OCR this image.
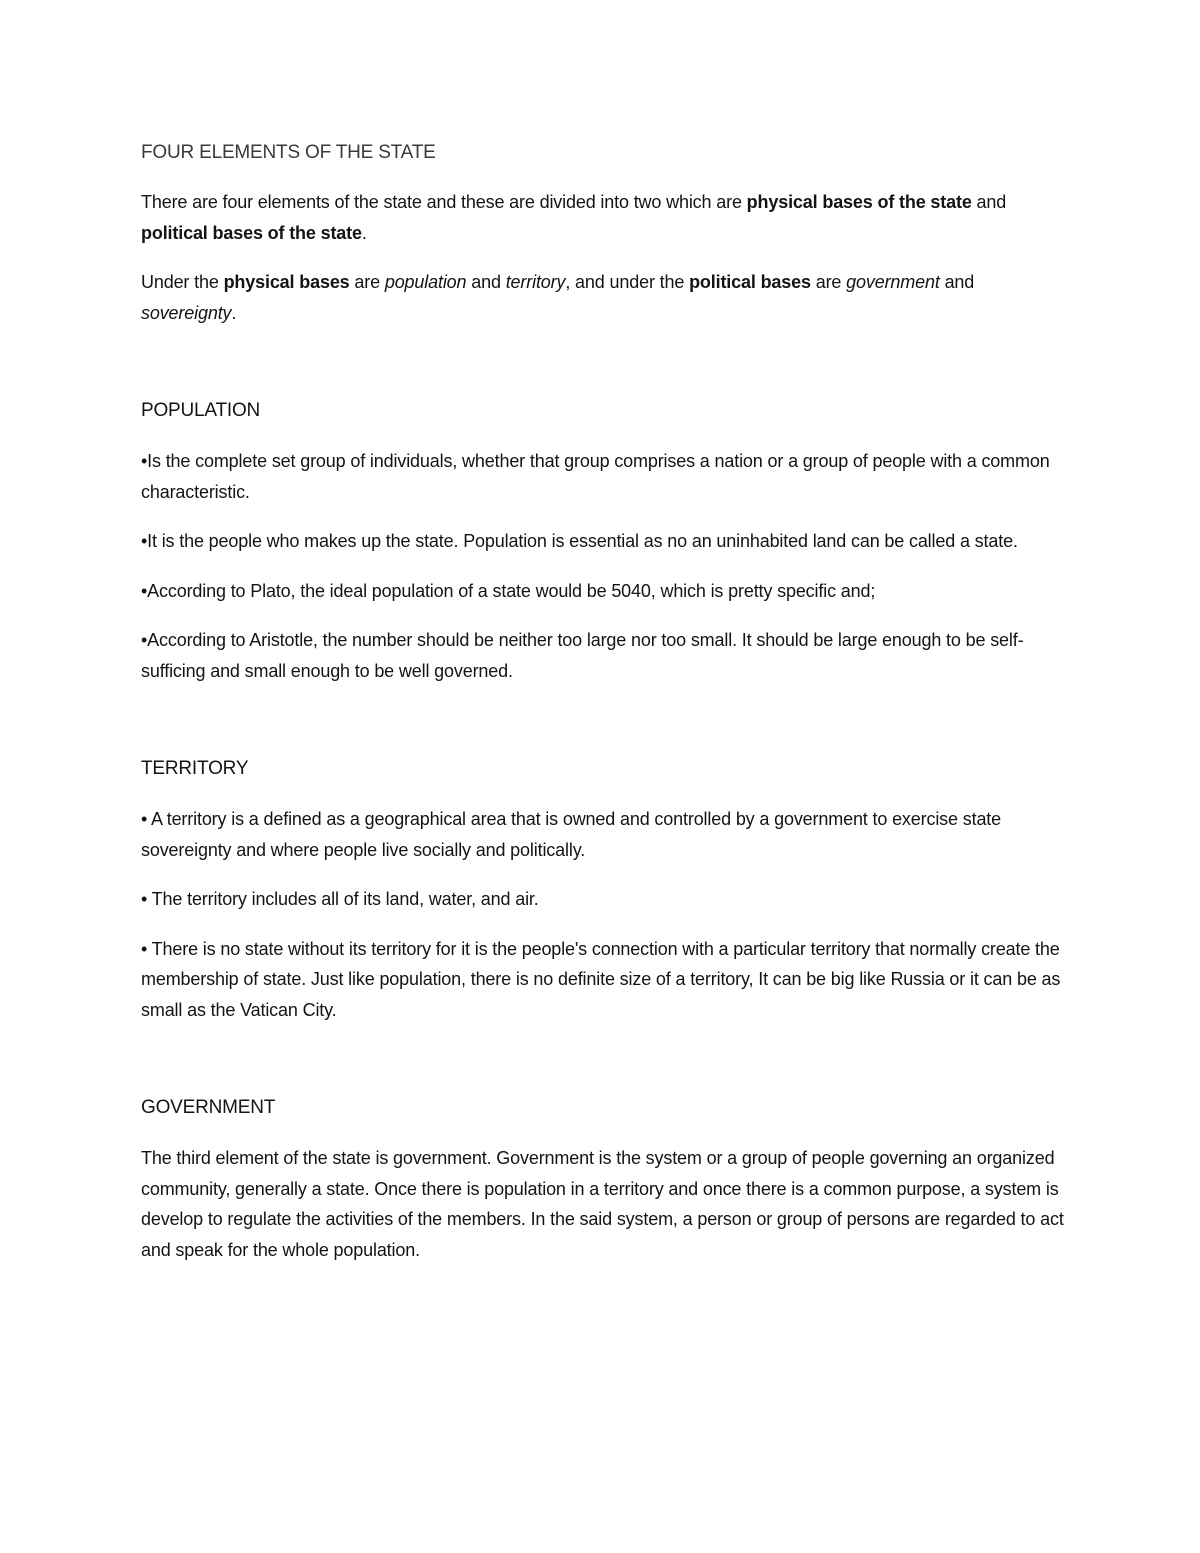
FOUR ELEMENTS OF THE STATE

There are four elements of the state and these are divided into two which are physical bases of the state and political bases of the state.

Under the physical bases are population and territory, and under the political bases are government and sovereignty.

POPULATION

•Is the complete set group of individuals, whether that group comprises a nation or a group of people with a common characteristic.

•It is the people who makes up the state. Population is essential as no an uninhabited land can be called a state.

•According to Plato, the ideal population of a state would be 5040, which is pretty specific and;

•According to Aristotle, the number should be neither too large nor too small. It should be large enough to be self-sufficing and small enough to be well governed.

TERRITORY

• A territory is a defined as a geographical area that is owned and controlled by a government to exercise state sovereignty and where people live socially and politically.

• The territory includes all of its land, water, and air.

• There is no state without its territory for it is the people's connection with a particular territory that normally create the membership of state. Just like population, there is no definite size of a territory, It can be big like Russia or it can be as small as the Vatican City.

GOVERNMENT

The third element of the state is government. Government is the system or a group of people governing an organized community, generally a state. Once there is population in a territory and once there is a common purpose, a system is develop to regulate the activities of the members. In the said system, a person or group of persons are regarded to act and speak for the whole population.
